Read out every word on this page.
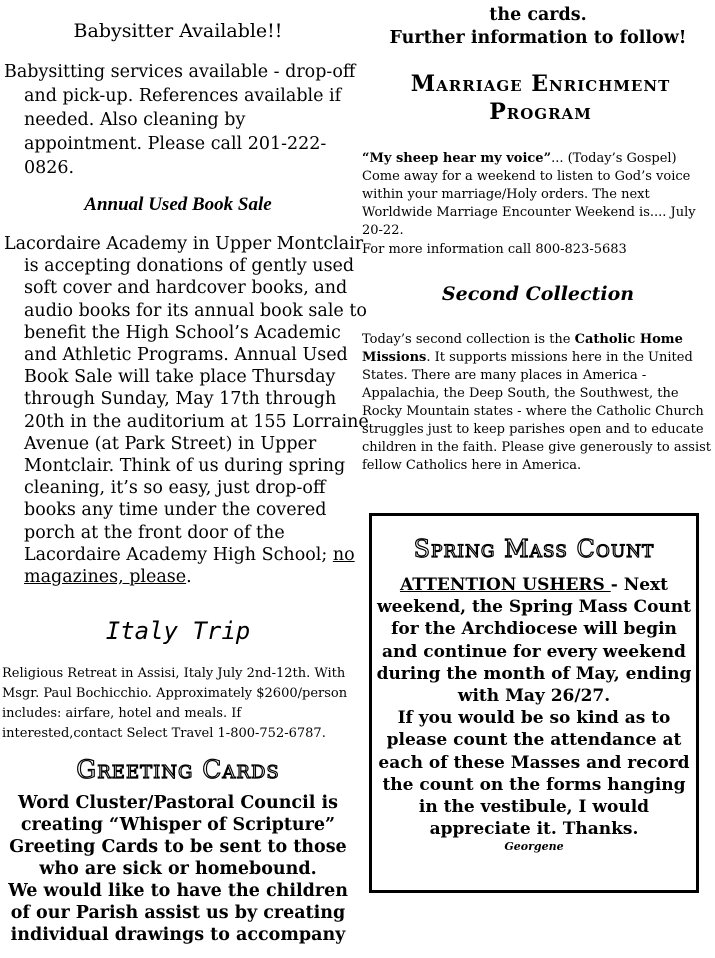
Babysitter Available!!
Babysitting services available - drop-off and pick-up. References available if needed. Also cleaning by appointment. Please call 201-222-0826.
Annual Used Book Sale
Lacordaire Academy in Upper Montclair is accepting donations of gently used soft cover and hardcover books, and audio books for its annual book sale to benefit the High School’s Academic and Athletic Programs. Annual Used Book Sale will take place Thursday through Sunday, May 17th through 20th in the auditorium at 155 Lorraine Avenue (at Park Street) in Upper Montclair. Think of us during spring cleaning, it’s so easy, just drop-off books any time under the covered porch at the front door of the Lacordaire Academy High School; no magazines, please.
Italy Trip
Religious Retreat in Assisi, Italy July 2nd-12th. With Msgr. Paul Bochicchio. Approximately $2600/person includes: airfare, hotel and meals. If interested,contact Select Travel 1-800-752-6787.
Greeting Cards
Word Cluster/Pastoral Council is creating “Whisper of Scripture” Greeting Cards to be sent to those who are sick or homebound.
We would like to have the children of our Parish assist us by creating individual drawings to accompany
the cards.
Further information to follow!
Marriage Enrichment Program
“My sheep hear my voice”... (Today’s Gospel) Come away for a weekend to listen to God’s voice within your marriage/Holy orders. The next Worldwide Marriage Encounter Weekend is.... July 20-22.
For more information call 800-823-5683
Second Collection
Today’s second collection is the Catholic Home Missions. It supports missions here in the United States. There are many places in America - Appalachia, the Deep South, the Southwest, the Rocky Mountain states - where the Catholic Church struggles just to keep parishes open and to educate children in the faith. Please give generously to assist fellow Catholics here in America.
Spring Mass Count
ATTENTION USHERS - Next weekend, the Spring Mass Count for the Archdiocese will begin and continue for every weekend during the month of May, ending with May 26/27.
If you would be so kind as to please count the attendance at each of these Masses and record the count on the forms hanging in the vestibule, I would appreciate it. Thanks.
Georgene
